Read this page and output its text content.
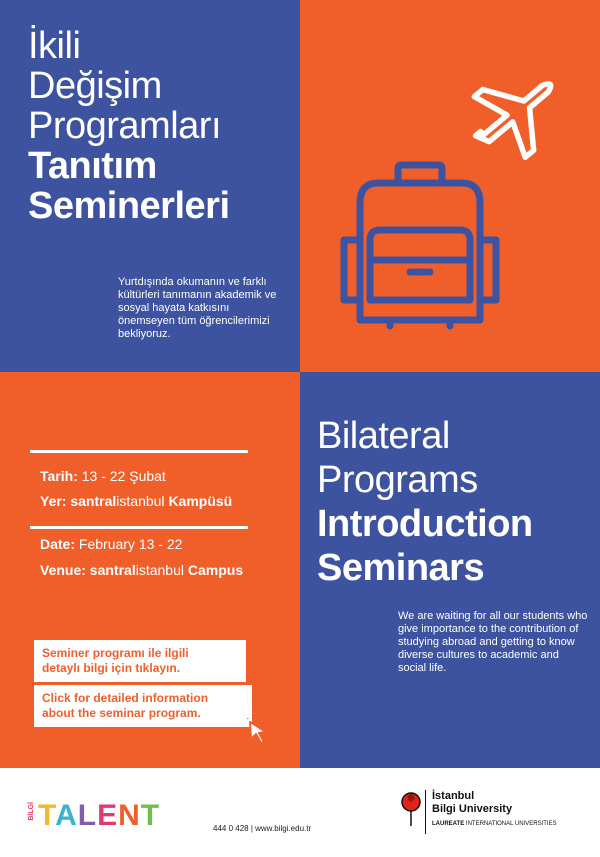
İkili
Değişim
Programları
Tanıtım
Seminerleri
Yurtdışında okumanın ve farklı kültürleri tanımanın akademik ve sosyal hayata katkısını önemseyen tüm öğrencilerimizi bekliyoruz.
Tarih: 13 - 22 Şubat
Yer: santralistanbul Kampüsü
Date: February 13 - 22
Venue: santralistanbul Campus
Bilateral
Programs
Introduction
Seminars
We are waiting for all our students who give importance to the contribution of studying abroad and getting to know diverse cultures to academic and social life.
Seminer programı ile ilgili
detaylı bilgi için tıklayın.
Click for detailed information
about the seminar program.
BİLGİ TALENT	444 0 428 | www.bilgi.edu.tr
İstanbul
Bilgi University
LAUREATE INTERNATIONAL UNIVERSITIES
